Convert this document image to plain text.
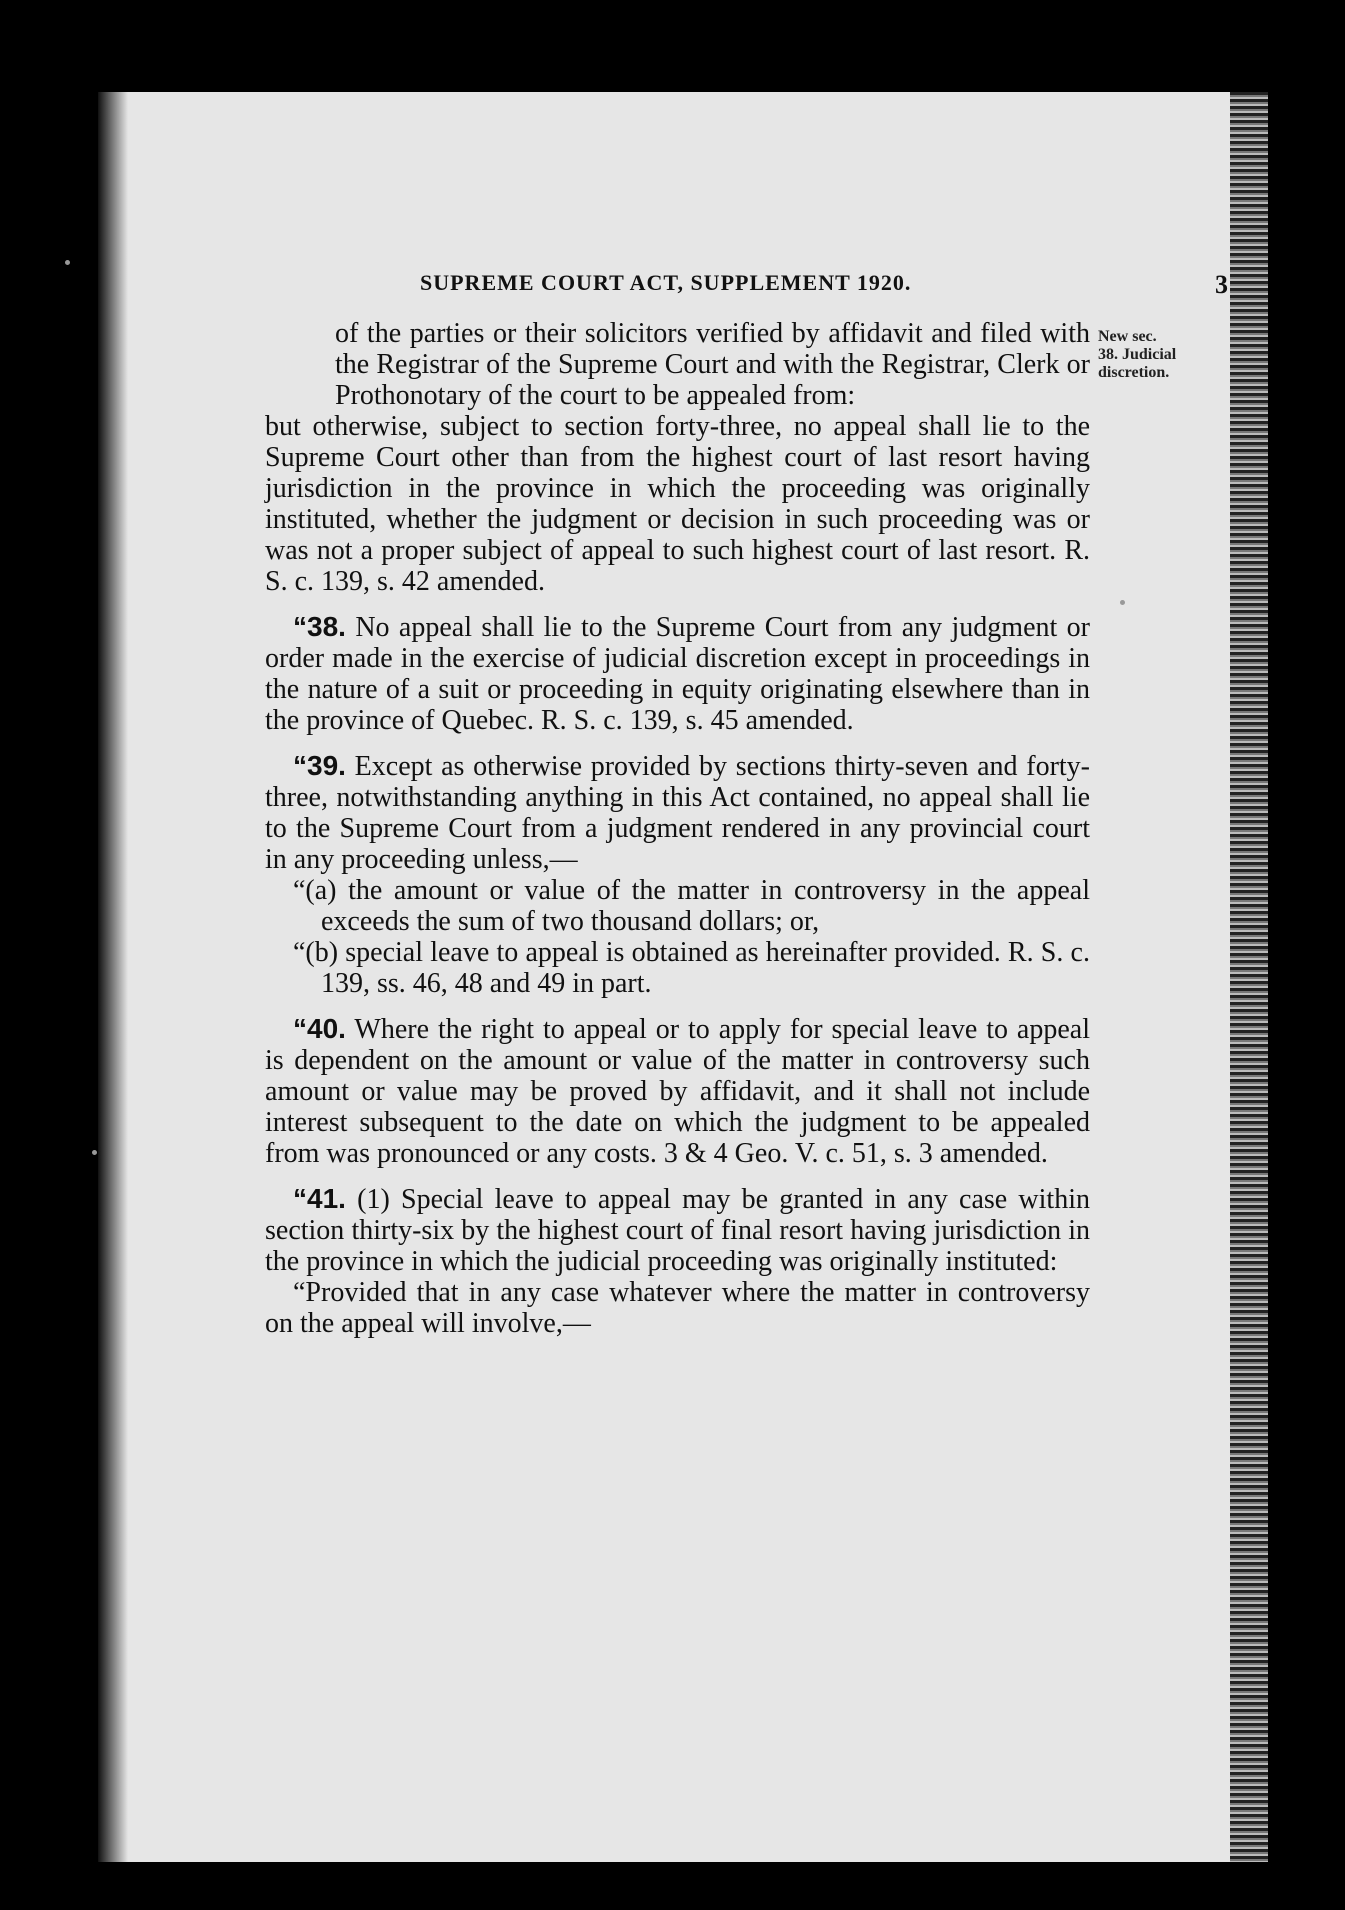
SUPREME COURT ACT, SUPPLEMENT 1920.	3
New sec.
38. Judicial
discretion.

of the parties or their solicitors verified by affidavit and filed with the Registrar of the Supreme Court and with the Registrar, Clerk or Prothonotary of the court to be appealed from:

but otherwise, subject to section forty-three, no appeal shall lie to the Supreme Court other than from the highest court of last resort having jurisdiction in the province in which the proceeding was originally instituted, whether the judgment or decision in such proceeding was or was not a proper subject of appeal to such highest court of last resort. R. S. c. 139, s. 42 amended.

“38. No appeal shall lie to the Supreme Court from any judgment or order made in the exercise of judicial discretion except in proceedings in the nature of a suit or proceeding in equity originating elsewhere than in the province of Quebec. R. S. c. 139, s. 45 amended.

“39. Except as otherwise provided by sections thirty-seven and forty-three, notwithstanding anything in this Act contained, no appeal shall lie to the Supreme Court from a judgment rendered in any provincial court in any proceeding unless,—

“(a) the amount or value of the matter in controversy in the appeal exceeds the sum of two thousand dollars; or,

“(b) special leave to appeal is obtained as hereinafter provided. R. S. c. 139, ss. 46, 48 and 49 in part.

“40. Where the right to appeal or to apply for special leave to appeal is dependent on the amount or value of the matter in controversy such amount or value may be proved by affidavit, and it shall not include interest subsequent to the date on which the judgment to be appealed from was pronounced or any costs. 3 & 4 Geo. V. c. 51, s. 3 amended.

“41. (1) Special leave to appeal may be granted in any case within section thirty-six by the highest court of final resort having jurisdiction in the province in which the judicial proceeding was originally instituted:

“Provided that in any case whatever where the matter in controversy on the appeal will involve,—
